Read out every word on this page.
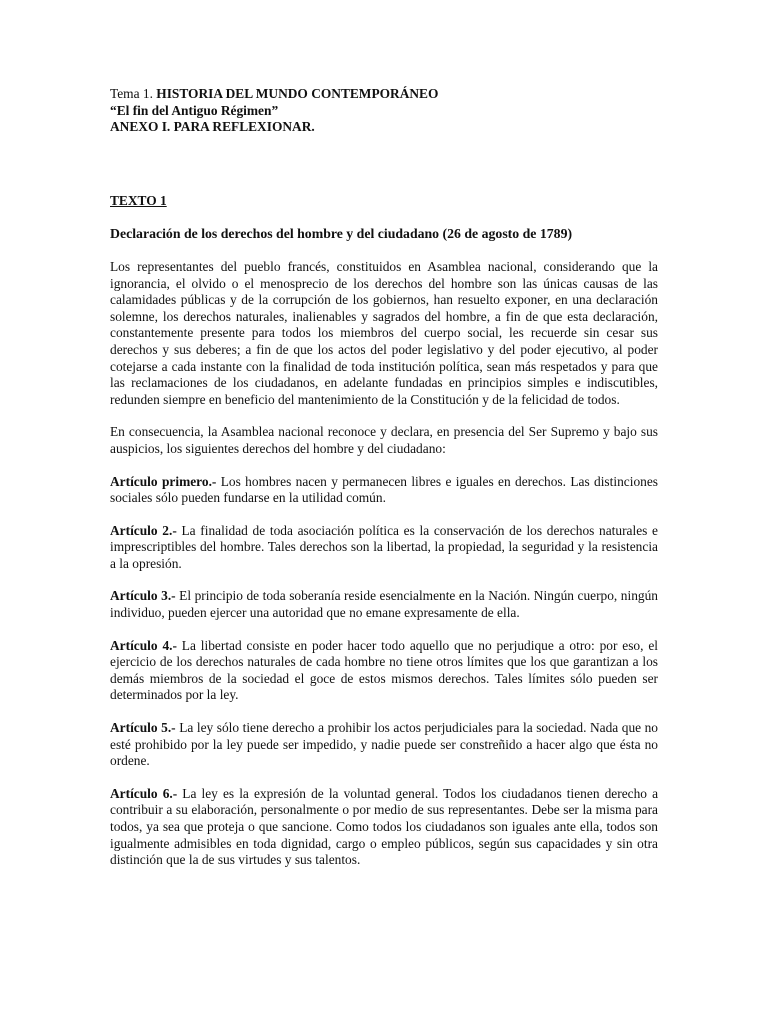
Tema 1. HISTORIA DEL MUNDO CONTEMPORÁNEO
“El fin del Antiguo Régimen”
ANEXO I. PARA REFLEXIONAR.
TEXTO 1
Declaración de los derechos del hombre y del ciudadano (26 de agosto de 1789)
Los representantes del pueblo francés, constituidos en Asamblea nacional, considerando que la ignorancia, el olvido o el menosprecio de los derechos del hombre son las únicas causas de las calamidades públicas y de la corrupción de los gobiernos, han resuelto exponer, en una declaración solemne, los derechos naturales, inalienables y sagrados del hombre, a fin de que esta declaración, constantemente presente para todos los miembros del cuerpo social, les recuerde sin cesar sus derechos y sus deberes; a fin de que los actos del poder legislativo y del poder ejecutivo, al poder cotejarse a cada instante con la finalidad de toda institución política, sean más respetados y para que las reclamaciones de los ciudadanos, en adelante fundadas en principios simples e indiscutibles, redunden siempre en beneficio del mantenimiento de la Constitución y de la felicidad de todos.
En consecuencia, la Asamblea nacional reconoce y declara, en presencia del Ser Supremo y bajo sus auspicios, los siguientes derechos del hombre y del ciudadano:
Artículo primero.- Los hombres nacen y permanecen libres e iguales en derechos. Las distinciones sociales sólo pueden fundarse en la utilidad común.
Artículo 2.- La finalidad de toda asociación política es la conservación de los derechos naturales e imprescriptibles del hombre. Tales derechos son la libertad, la propiedad, la seguridad y la resistencia a la opresión.
Artículo 3.- El principio de toda soberanía reside esencialmente en la Nación. Ningún cuerpo, ningún individuo, pueden ejercer una autoridad que no emane expresamente de ella.
Artículo 4.- La libertad consiste en poder hacer todo aquello que no perjudique a otro: por eso, el ejercicio de los derechos naturales de cada hombre no tiene otros límites que los que garantizan a los demás miembros de la sociedad el goce de estos mismos derechos. Tales límites sólo pueden ser determinados por la ley.
Artículo 5.- La ley sólo tiene derecho a prohibir los actos perjudiciales para la sociedad. Nada que no esté prohibido por la ley puede ser impedido, y nadie puede ser constreñido a hacer algo que ésta no ordene.
Artículo 6.- La ley es la expresión de la voluntad general. Todos los ciudadanos tienen derecho a contribuir a su elaboración, personalmente o por medio de sus representantes. Debe ser la misma para todos, ya sea que proteja o que sancione. Como todos los ciudadanos son iguales ante ella, todos son igualmente admisibles en toda dignidad, cargo o empleo públicos, según sus capacidades y sin otra distinción que la de sus virtudes y sus talentos.
